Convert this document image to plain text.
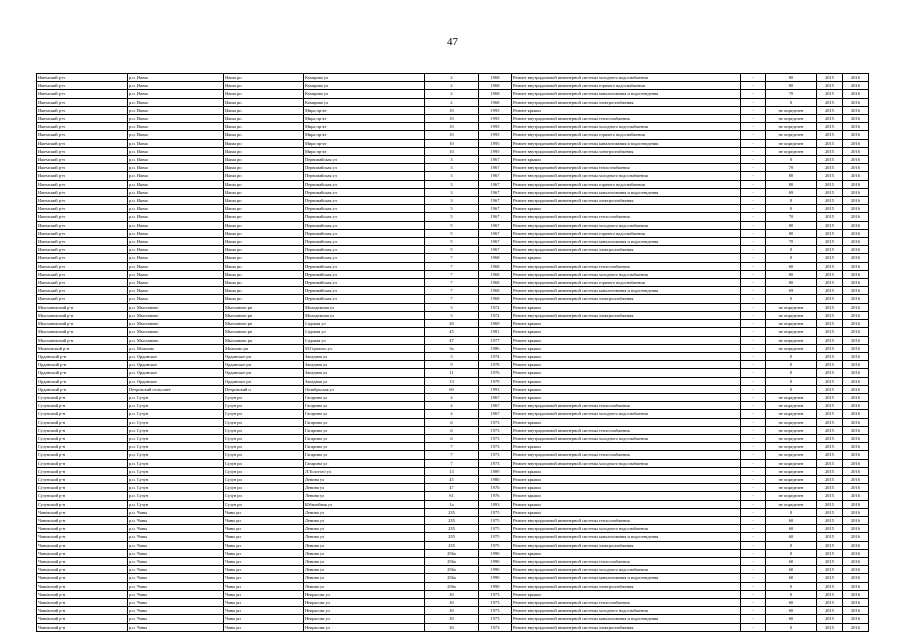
47
Ижемский р-н	р.п. Ижма	Ижма рп	Комарова ул	2	1968	Ремонт внутридомовой инженерной системы холодного водоснабжения	-	80	2015	2016
Ижемский р-н	р.п. Ижма	Ижма рп	Комарова ул	2	1968	Ремонт внутридомовой инженерной системы горячего водоснабжения	-	80	2015	2016
Ижемский р-н	р.п. Ижма	Ижма рп	Комарова ул	2	1968	Ремонт внутридомовой инженерной системы канализования и водоотведения	-	70	2015	2016
Ижемский р-н	р.п. Ижма	Ижма рп	Комарова ул	2	1968	Ремонт внутридомовой инженерной системы электроснабжения	-	0	2015	2016
Ижемский р-н	р.п. Ижма	Ижма рп	Мира пр-кт	10	1995	Ремонт крыши	-	не определен	2015	2016
Ижемский р-н	р.п. Ижма	Ижма рп	Мира пр-кт	10	1995	Ремонт внутридомовой инженерной системы теплоснабжения	-	не определен	2015	2016
Ижемский р-н	р.п. Ижма	Ижма рп	Мира пр-кт	10	1995	Ремонт внутридомовой инженерной системы холодного водоснабжения	-	не определен	2015	2016
Ижемский р-н	р.п. Ижма	Ижма рп	Мира пр-кт	10	1995	Ремонт внутридомовой инженерной системы горячего водоснабжения	-	не определен	2015	2016
Ижемский р-н	р.п. Ижма	Ижма рп	Мира пр-кт	10	1995	Ремонт внутридомовой инженерной системы канализования и водоотведения	-	не определен	2015	2016
Ижемский р-н	р.п. Ижма	Ижма рп	Мира пр-кт	10	1995	Ремонт внутридомовой инженерной системы электроснабжения	-	не определен	2015	2016
Ижемский р-н	р.п. Ижма	Ижма рп	Первомайская ул	3	1967	Ремонт крыши	-	0	2015	2016
Ижемский р-н	р.п. Ижма	Ижма рп	Первомайская ул	3	1967	Ремонт внутридомовой инженерной системы теплоснабжения	-	70	2015	2016
Ижемский р-н	р.п. Ижма	Ижма рп	Первомайская ул	3	1967	Ремонт внутридомовой инженерной системы холодного водоснабжения	-	80	2015	2016
Ижемский р-н	р.п. Ижма	Ижма рп	Первомайская ул	3	1967	Ремонт внутридомовой инженерной системы горячего водоснабжения	-	80	2015	2016
Ижемский р-н	р.п. Ижма	Ижма рп	Первомайская ул	3	1967	Ремонт внутридомовой инженерной системы канализования и водоотведения	-	69	2015	2016
Ижемский р-н	р.п. Ижма	Ижма рп	Первомайская ул	3	1967	Ремонт внутридомовой инженерной системы электроснабжения	-	0	2015	2016
Ижемский р-н	р.п. Ижма	Ижма рп	Первомайская ул	5	1967	Ремонт крыши	-	0	2015	2016
Ижемский р-н	р.п. Ижма	Ижма рп	Первомайская ул	5	1967	Ремонт внутридомовой инженерной системы теплоснабжения	-	70	2015	2016
Ижемский р-н	р.п. Ижма	Ижма рп	Первомайская ул	5	1967	Ремонт внутридомовой инженерной системы холодного водоснабжения	-	80	2015	2016
Ижемский р-н	р.п. Ижма	Ижма рп	Первомайская ул	5	1967	Ремонт внутридомовой инженерной системы горячего водоснабжения	-	80	2015	2016
Ижемский р-н	р.п. Ижма	Ижма рп	Первомайская ул	5	1967	Ремонт внутридомовой инженерной системы канализования и водоотведения	-	70	2015	2016
Ижемский р-н	р.п. Ижма	Ижма рп	Первомайская ул	5	1967	Ремонт внутридомовой инженерной системы электроснабжения	-	0	2015	2016
Ижемский р-н	р.п. Ижма	Ижма рп	Первомайская ул	7	1968	Ремонт крыши	-	0	2015	2016
Ижемский р-н	р.п. Ижма	Ижма рп	Первомайская ул	7	1968	Ремонт внутридомовой инженерной системы теплоснабжения	-	60	2015	2016
Ижемский р-н	р.п. Ижма	Ижма рп	Первомайская ул	7	1968	Ремонт внутридомовой инженерной системы холодного водоснабжения	-	80	2015	2016
Ижемский р-н	р.п. Ижма	Ижма рп	Первомайская ул	7	1968	Ремонт внутридомовой инженерной системы горячего водоснабжения	-	80	2015	2016
Ижемский р-н	р.п. Ижма	Ижма рп	Первомайская ул	7	1968	Ремонт внутридомовой инженерной системы канализования и водоотведения	-	69	2015	2016
Ижемский р-н	р.п. Ижма	Ижма рп	Первомайская ул	7	1968	Ремонт внутридомовой инженерной системы электроснабжения	-	0	2015	2016
Мысхановский р-н	р.п. Мысханово	Мысханово рп	Молодежная ул	3	1972	Ремонт крыши	-	не определен	2015	2016
Мысхановский р-н	р.п. Мысханово	Мысханово рп	Молодежная ул	3	1972	Ремонт внутридомовой инженерной системы электроснабжения	-	не определен	2015	2016
Мысхановский р-н	р.п. Мысханово	Мысханово рп	Садовая ул	28	1969	Ремонт крыши	-	не определен	2015	2016
Мысхановский р-н	р.п. Мысханово	Мысханово рп	Садовая ул	45	1981	Ремонт крыши	-	не определен	2015	2016
Мысхановский р-н	р.п. Мысханово	Мысханово рп	Садовая ул	47	1977	Ремонт крыши	-	не определен	2015	2016
Можховский р-н	р.п. Можхово	Можхово рп	М.Горького ул	3а	1986	Ремонт крыши	-	не определен	2015	2016
Ординский р-н	р.п. Ординское	Ординское рп	Западная ул	3	1974	Ремонт крыши	-	0	2015	2016
Ординский р-н	р.п. Ординское	Ординское рп	Западная ул	9	1978	Ремонт крыши	-	0	2015	2016
Ординский р-н	р.п. Ординское	Ординское рп	Западная ул	11	1976	Ремонт крыши	-	0	2015	2016
Ординский р-н	р.п. Ординское	Ординское рп	Западная ул	13	1979	Ремонт крыши	-	0	2015	2016
Ординский р-н	Петровский сельсовет	Петровский п	Октябрьская ул	69	1993	Ремонт крыши	-	0	2015	2016
Сузунский р-н	р.п. Сузун	Сузун рп	Гагарина ул	4	1967	Ремонт крыши	-	не определен	2015	2016
Сузунский р-н	р.п. Сузун	Сузун рп	Гагарина ул	4	1967	Ремонт внутридомовой инженерной системы теплоснабжения	-	не определен	2015	2016
Сузунский р-н	р.п. Сузун	Сузун рп	Гагарина ул	4	1967	Ремонт внутридомовой инженерной системы холодного водоснабжения	-	не определен	2015	2016
Сузунский р-н	р.п. Сузун	Сузун рп	Гагарина ул	6	1973	Ремонт крыши	-	не определен	2015	2016
Сузунский р-н	р.п. Сузун	Сузун рп	Гагарина ул	6	1973	Ремонт внутридомовой инженерной системы теплоснабжения	-	не определен	2015	2016
Сузунский р-н	р.п. Сузун	Сузун рп	Гагарина ул	6	1973	Ремонт внутридомовой инженерной системы холодного водоснабжения	-	не определен	2015	2016
Сузунский р-н	р.п. Сузун	Сузун рп	Гагарина ул	7	1973	Ремонт крыши	-	не определен	2015	2016
Сузунский р-н	р.п. Сузун	Сузун рп	Гагарина ул	7	1973	Ремонт внутридомовой инженерной системы теплоснабжения	-	не определен	2015	2016
Сузунский р-н	р.п. Сузун	Сузун рп	Гагарина ул	7	1973	Ремонт внутридомовой инженерной системы холодного водоснабжения	-	не определен	2015	2016
Сузунский р-н	р.п. Сузун	Сузун рп	Л.Толстого ул	13	1989	Ремонт крыши	-	не определен	2015	2016
Сузунский р-н	р.п. Сузун	Сузун рп	Ленина ул	45	1980	Ремонт крыши	-	не определен	2015	2016
Сузунский р-н	р.п. Сузун	Сузун рп	Ленина ул	47	1976	Ремонт крыши	-	не определен	2015	2016
Сузунский р-н	р.п. Сузун	Сузун рп	Ленина ул	61	1976	Ремонт крыши	-	не определен	2015	2016
Сузунский р-н	р.п. Сузун	Сузун рп	Юбилейная ул	1а	1993	Ремонт крыши	-	не определен	2015	2016
Чановский р-н	р.п. Чаны	Чаны рп	Ленина ул	235	1975	Ремонт крыши	-	0	2015	2016
Чановский р-н	р.п. Чаны	Чаны рп	Ленина ул	235	1975	Ремонт внутридомовой инженерной системы теплоснабжения	-	60	2015	2016
Чановский р-н	р.п. Чаны	Чаны рп	Ленина ул	235	1975	Ремонт внутридомовой инженерной системы холодного водоснабжения	-	60	2015	2016
Чановский р-н	р.п. Чаны	Чаны рп	Ленина ул	235	1975	Ремонт внутридомовой инженерной системы канализования и водоотведения	-	60	2015	2016
Чановский р-н	р.п. Чаны	Чаны рп	Ленина ул	235	1975	Ремонт внутридомовой инженерной системы электроснабжения	-	0	2015	2016
Чановский р-н	р.п. Чаны	Чаны рп	Ленина ул	256а	1990	Ремонт крыши	-	0	2015	2016
Чановский р-н	р.п. Чаны	Чаны рп	Ленина ул	256а	1990	Ремонт внутридомовой инженерной системы теплоснабжения	-	60	2015	2016
Чановский р-н	р.п. Чаны	Чаны рп	Ленина ул	256а	1990	Ремонт внутридомовой инженерной системы холодного водоснабжения	-	60	2015	2016
Чановский р-н	р.п. Чаны	Чаны рп	Ленина ул	256а	1990	Ремонт внутридомовой инженерной системы канализования и водоотведения	-	60	2015	2016
Чановский р-н	р.п. Чаны	Чаны рп	Ленина ул	256а	1990	Ремонт внутридомовой инженерной системы электроснабжения	-	0	2015	2016
Чановский р-н	р.п. Чаны	Чаны рп	Некрасова ул	30	1973	Ремонт крыши	-	0	2015	2016
Чановский р-н	р.п. Чаны	Чаны рп	Некрасова ул	30	1973	Ремонт внутридомовой инженерной системы теплоснабжения	-	60	2015	2016
Чановский р-н	р.п. Чаны	Чаны рп	Некрасова ул	30	1973	Ремонт внутридомовой инженерной системы холодного водоснабжения	-	60	2015	2016
Чановский р-н	р.п. Чаны	Чаны рп	Некрасова ул	30	1973	Ремонт внутридомовой инженерной системы канализования и водоотведения	-	60	2015	2016
Чановский р-н	р.п. Чаны	Чаны рп	Некрасова ул	30	1973	Ремонт внутридомовой инженерной системы электроснабжения	-	0	2015	2016
